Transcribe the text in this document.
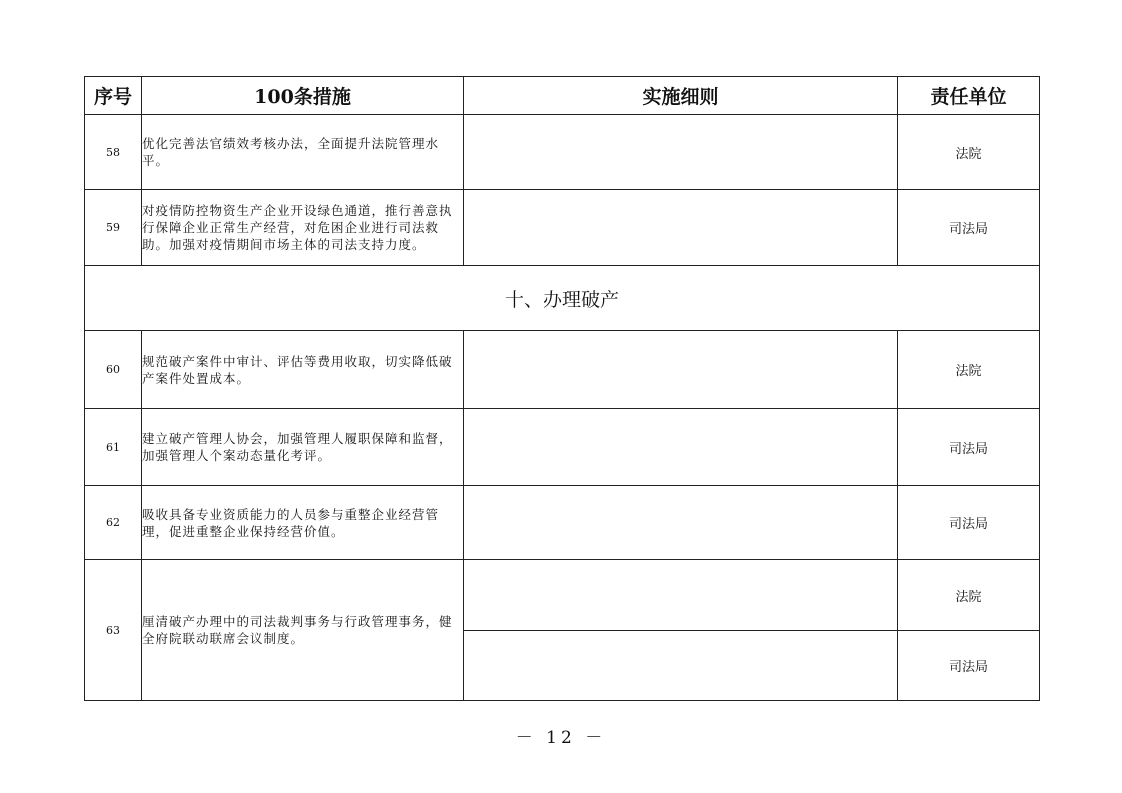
序号	100条措施	实施细则	责任单位
58	优化完善法官绩效考核办法，全面提升法院管理水平。		法院
59	对疫情防控物资生产企业开设绿色通道，推行善意执行保障企业正常生产经营，对危困企业进行司法救助。加强对疫情期间市场主体的司法支持力度。		司法局
十、办理破产			
60	规范破产案件中审计、评估等费用收取，切实降低破产案件处置成本。		法院
61	建立破产管理人协会，加强管理人履职保障和监督，加强管理人个案动态量化考评。		司法局
62	吸收具备专业资质能力的人员参与重整企业经营管理，促进重整企业保持经营价值。		司法局
63	厘清破产办理中的司法裁判事务与行政管理事务，健全府院联动联席会议制度。		法院
			司法局
－ 12 －
